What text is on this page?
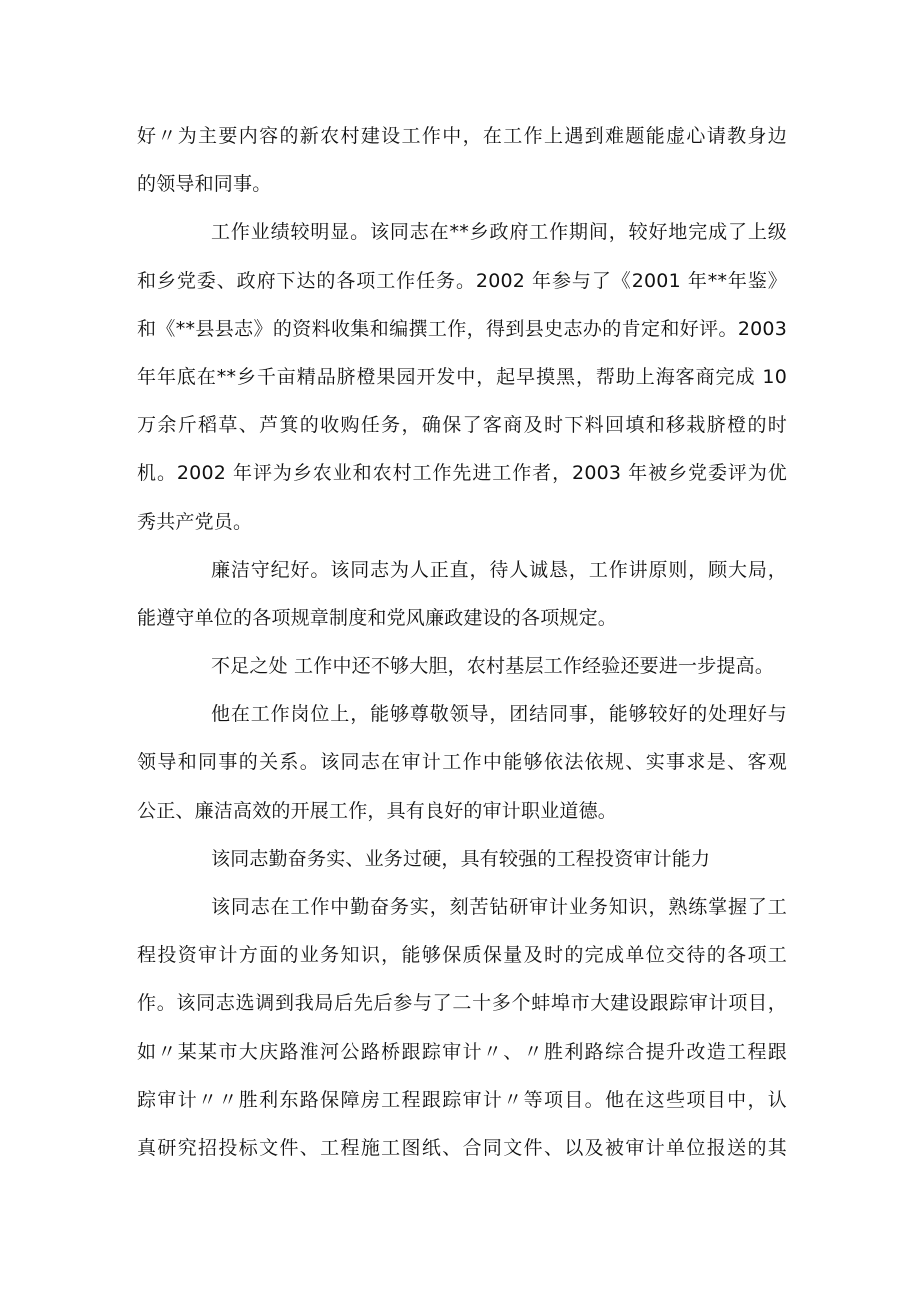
好〃为主要内容的新农村建设工作中，在工作上遇到难题能虚心请教身边
的领导和同事。
工作业绩较明显。该同志在**乡政府工作期间，较好地完成了上级
和乡党委、政府下达的各项工作任务。2002 年参与了《2001 年**年鉴》
和《**县县志》的资料收集和编撰工作，得到县史志办的肯定和好评。2003
年年底在**乡千亩精品脐橙果园开发中，起早摸黑，帮助上海客商完成 10
万余斤稻草、芦箕的收购任务，确保了客商及时下料回填和移栽脐橙的时
机。2002 年评为乡农业和农村工作先进工作者，2003 年被乡党委评为优
秀共产党员。
廉洁守纪好。该同志为人正直，待人诚恳，工作讲原则，顾大局，
能遵守单位的各项规章制度和党风廉政建设的各项规定。
不足之处 工作中还不够大胆，农村基层工作经验还要进一步提高。
他在工作岗位上，能够尊敬领导，团结同事，能够较好的处理好与
领导和同事的关系。该同志在审计工作中能够依法依规、实事求是、客观
公正、廉洁高效的开展工作，具有良好的审计职业道德。
该同志勤奋务实、业务过硬，具有较强的工程投资审计能力
该同志在工作中勤奋务实，刻苦钻研审计业务知识，熟练掌握了工
程投资审计方面的业务知识，能够保质保量及时的完成单位交待的各项工
作。该同志选调到我局后先后参与了二十多个蚌埠市大建设跟踪审计项目，
如〃某某市大庆路淮河公路桥跟踪审计〃、〃胜利路综合提升改造工程跟
踪审计〃〃胜利东路保障房工程跟踪审计〃等项目。他在这些项目中，认
真研究招投标文件、工程施工图纸、合同文件、以及被审计单位报送的其
